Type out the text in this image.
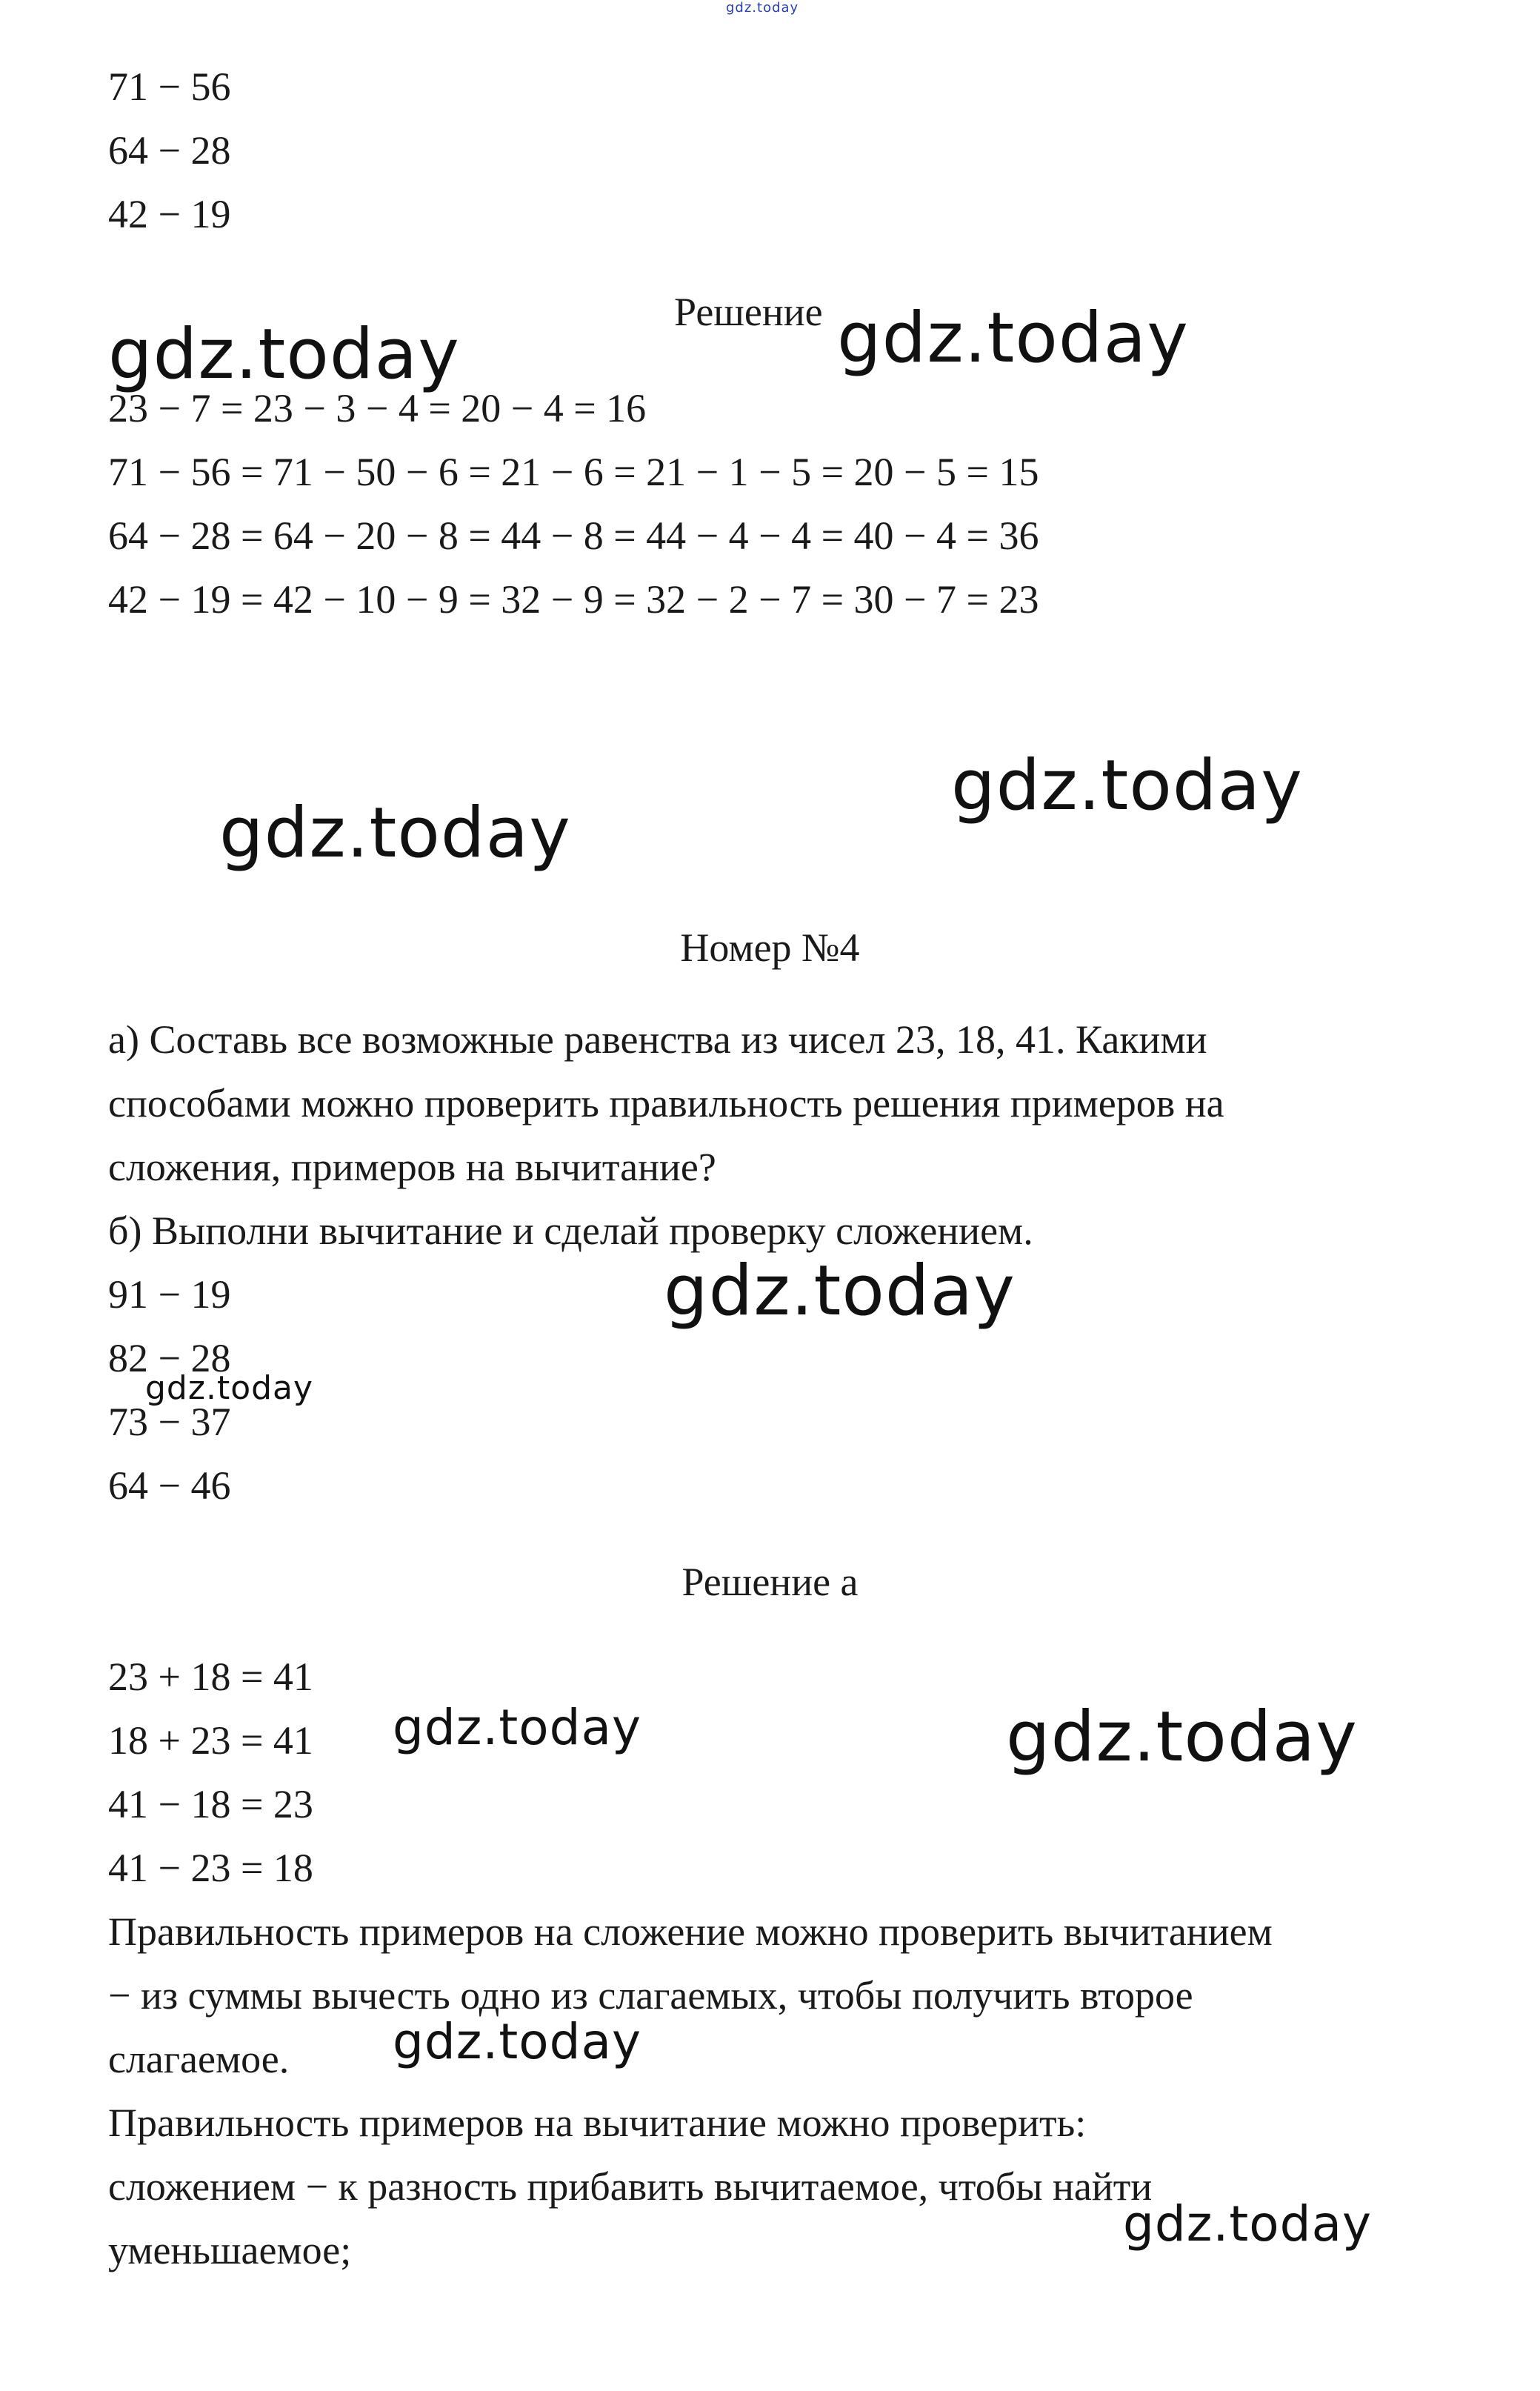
gdz.today
71 − 56
64 − 28
42 − 19
Решение
gdz.today	gdz.today
23 − 7 = 23 − 3 − 4 = 20 − 4 = 16
71 − 56 = 71 − 50 − 6 = 21 − 6 = 21 − 1 − 5 = 20 − 5 = 15
64 − 28 = 64 − 20 − 8 = 44 − 8 = 44 − 4 − 4 = 40 − 4 = 36
42 − 19 = 42 − 10 − 9 = 32 − 9 = 32 − 2 − 7 = 30 − 7 = 23
gdz.today
gdz.today
Номер №4
а) Составь все возможные равенства из чисел 23, 18, 41. Какими
способами можно проверить правильность решения примеров на
сложения, примеров на вычитание?
б) Выполни вычитание и сделай проверку сложением.
gdz.today
91 − 19
82 − 28
gdz.today
73 − 37
64 − 46
Решение а
23 + 18 = 41
18 + 23 = 41 gdz.today	gdz.today
41 − 18 = 23
41 − 23 = 18
Правильность примеров на сложение можно проверить вычитанием
− из суммы вычесть одно из слагаемых, чтобы получить второе
слагаемое. gdz.today
Правильность примеров на вычитание можно проверить:
сложением − к разность прибавить вычитаемое, чтобы найти
gdz.today
уменьшаемое;
